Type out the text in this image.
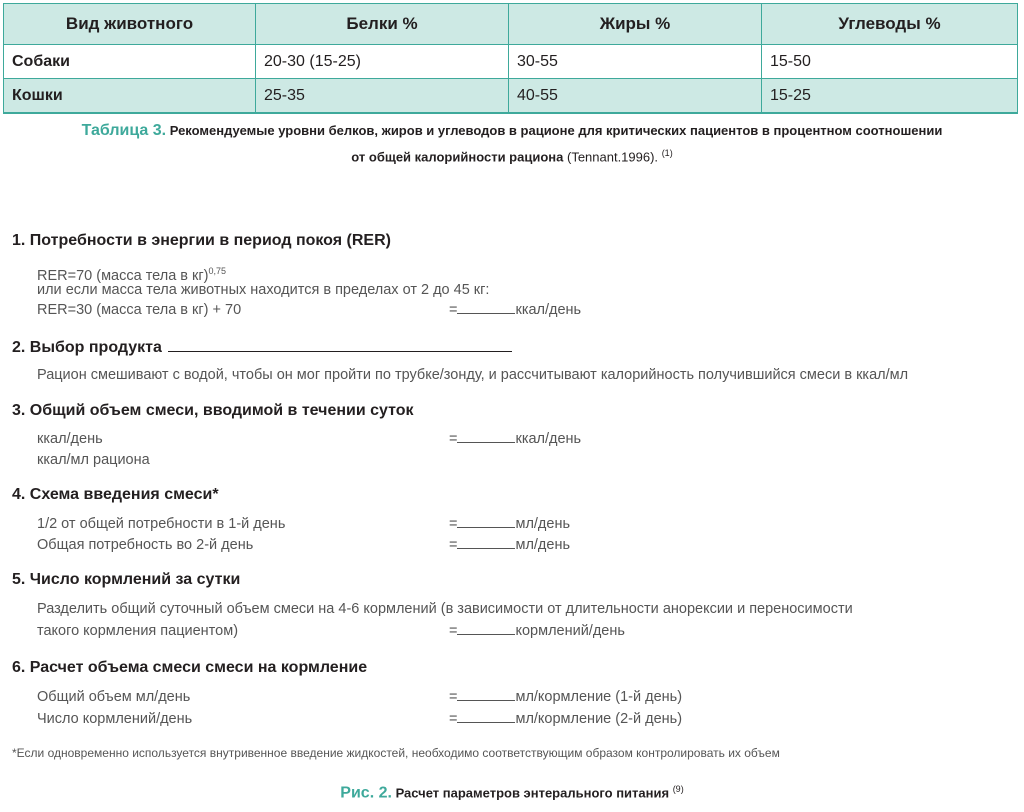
Вид животного	Белки %	Жиры %	Углеводы %
Собаки	20-30 (15-25)	30-55	15-50
Кошки	25-35	40-55	15-25
Таблица 3. Рекомендуемые уровни белков, жиров и углеводов в рационе для критических пациентов в процентном соотношении
от общей калорийности рациона (Tennant.1996). $^{(1)}$
1. Потребности в энергии в период покоя (RER)
RER=70 (масса тела в кг)$^{0,75}$
или если масса тела животных находится в пределах от 2 до 45 кг:
RER=30 (масса тела в кг) + 70	=	ккал/день
2. Выбор продукта
Рацион смешивают с водой, чтобы он мог пройти по трубке/зонду, и рассчитывают калорийность получившийся смеси в ккал/мл
3. Общий объем смеси, вводимой в течении суток
ккал/день	=	ккал/день
ккал/мл рациона
4. Схема введения смеси*
1/2 от общей потребности в 1-й день	=	мл/день
Общая потребность во 2-й день	=	мл/день
5. Число кормлений за сутки
Разделить общий суточный объем смеси на 4-6 кормлений (в зависимости от длительности анорексии и переносимости
такого кормления пациентом)	=	кормлений/день
6. Расчет объема смеси смеси на кормление
Общий объем мл/день	=	мл/кормление (1-й день)
Число кормлений/день	=	мл/кормление (2-й день)
*Если одновременно используется внутривенное введение жидкостей, необходимо соответствующим образом контролировать их объем
Рис. 2. Расчет параметров энтерального питания $^{(9)}$
